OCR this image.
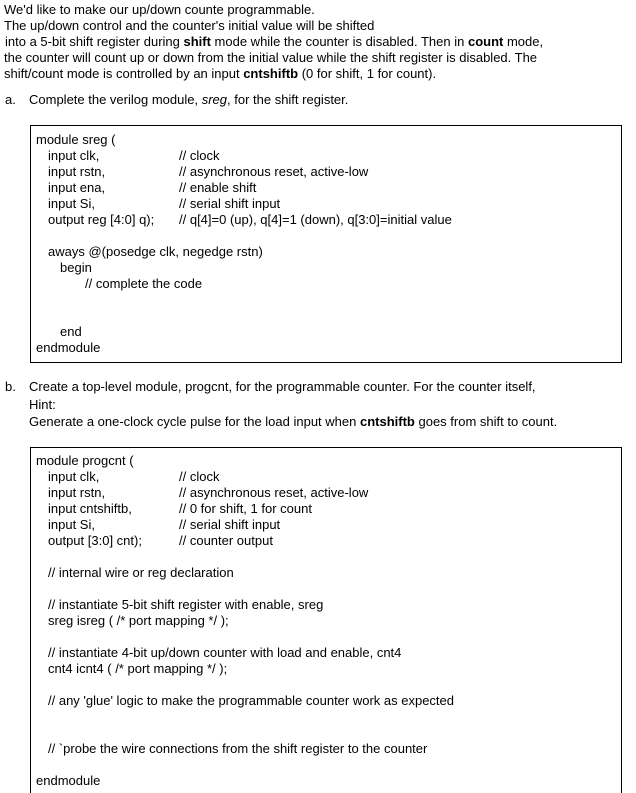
We'd like to make our up/down counte programmable.
The up/down control and the counter's initial value will be shifted
into a 5-bit shift register during shift mode while the counter is disabled. Then in count mode,
the counter will count up or down from the initial value while the shift register is disabled. The
shift/count mode is controlled by an input cntshiftb (0 for shift, 1 for count).
a. Complete the verilog module, sreg, for the shift register.
module sreg (
input clk,	// clock
input rstn,	// asynchronous reset, active-low
input ena,	// enable shift
input Si,	// serial shift input
output reg [4:0] q); // q[4]=0 (up), q[4]=1 (down), q[3:0]=initial value
aways @(posedge clk, negedge rstn)
begin
// complete the code
end
endmodule
b. Create a top-level module, progcnt, for the programmable counter. For the counter itself,
Hint:
Generate a one-clock cycle pulse for the load input when cntshiftb goes from shift to count.
module progcnt (
input clk,	// clock
input rstn,	// asynchronous reset, active-low
input cntshiftb,	// 0 for shift, 1 for count
input Si,	// serial shift input
output [3:0] cnt);	// counter output
// internal wire or reg declaration
// instantiate 5-bit shift register with enable, sreg
sreg isreg ( /* port mapping */ );
// instantiate 4-bit up/down counter with load and enable, cnt4
cnt4 icnt4 ( /* port mapping */ );
// any 'glue' logic to make the programmable counter work as expected
// `probe the wire connections from the shift register to the counter
endmodule
